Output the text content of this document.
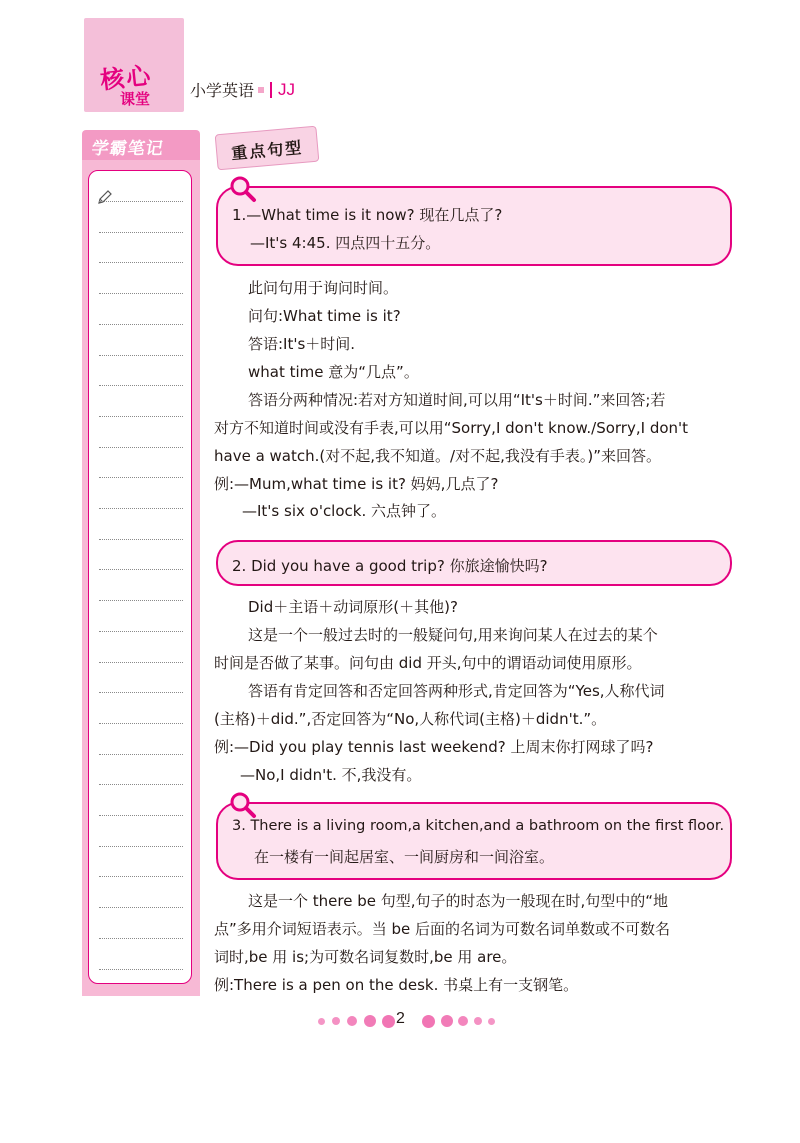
核心
课堂 小学英语 JJ
学霸笔记	重点句型
1.—What time is it now? 现在几点了?
—It's 4:45. 四点四十五分。
此问句用于询问时间。
问句:What time is it?
答语:It's＋时间.
what time 意为“几点”。
答语分两种情况:若对方知道时间,可以用“It's＋时间.”来回答;若
对方不知道时间或没有手表,可以用“Sorry,I don't know./Sorry,I don't
have a watch.(对不起,我不知道。/对不起,我没有手表。)”来回答。
例:—Mum,what time is it? 妈妈,几点了?
—It's six o'clock. 六点钟了。
2. Did you have a good trip? 你旅途愉快吗?
Did＋主语＋动词原形(＋其他)?
这是一个一般过去时的一般疑问句,用来询问某人在过去的某个
时间是否做了某事。问句由 did 开头,句中的谓语动词使用原形。
答语有肯定回答和否定回答两种形式,肯定回答为“Yes,人称代词
(主格)＋did.”,否定回答为“No,人称代词(主格)＋didn't.”。
例:—Did you play tennis last weekend? 上周末你打网球了吗?
—No,I didn't. 不,我没有。
3. There is a living room,a kitchen,and a bathroom on the first floor.
在一楼有一间起居室、一间厨房和一间浴室。
这是一个 there be 句型,句子的时态为一般现在时,句型中的“地
点”多用介词短语表示。当 be 后面的名词为可数名词单数或不可数名
词时,be 用 is;为可数名词复数时,be 用 are。
例:There is a pen on the desk. 书桌上有一支钢笔。
2
